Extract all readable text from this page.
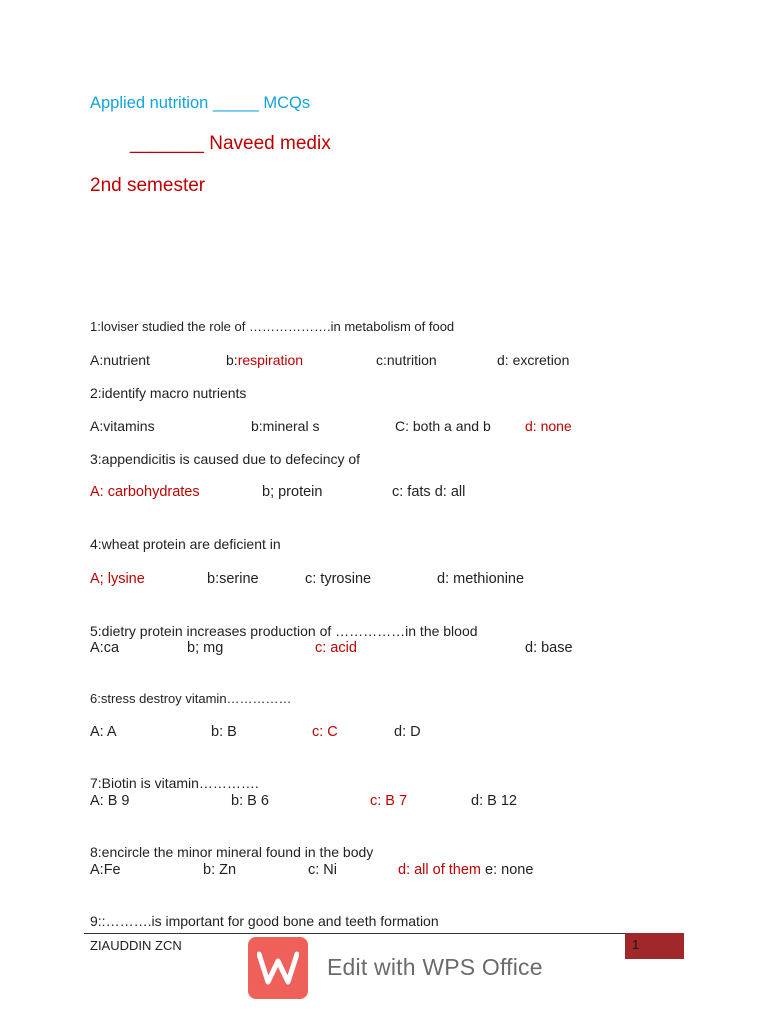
Applied nutrition _____ MCQs
_______ Naveed medix
2nd semester
1:loviser studied the role of ……………….in metabolism of food
A:nutrient	b:respiration	c:nutrition	d: excretion
2:identify macro nutrients
A:vitamins	b:mineral s	C: both a and b d: none
3:appendicitis is caused due to defecincy of
A: carbohydrates	b; protein	c: fats d: all
4:wheat protein are deficient in
A; lysine	b:serine	c: tyrosine	d: methionine
5:dietry protein increases production of ……………in the blood
A:ca	b; mg	c: acid	d: base
6:stress destroy vitamin……………
A: A	b: B	c: C	d: D
7:Biotin is vitamin………….
A: B 9	b: B 6	c: B 7	d: B 12
8:encircle the minor mineral found in the body
A:Fe	b: Zn	c: Ni	d: all of them e: none
9::……….is important for good bone and teeth formation
ZIAUDDIN ZCN	1
Edit with WPS Office
